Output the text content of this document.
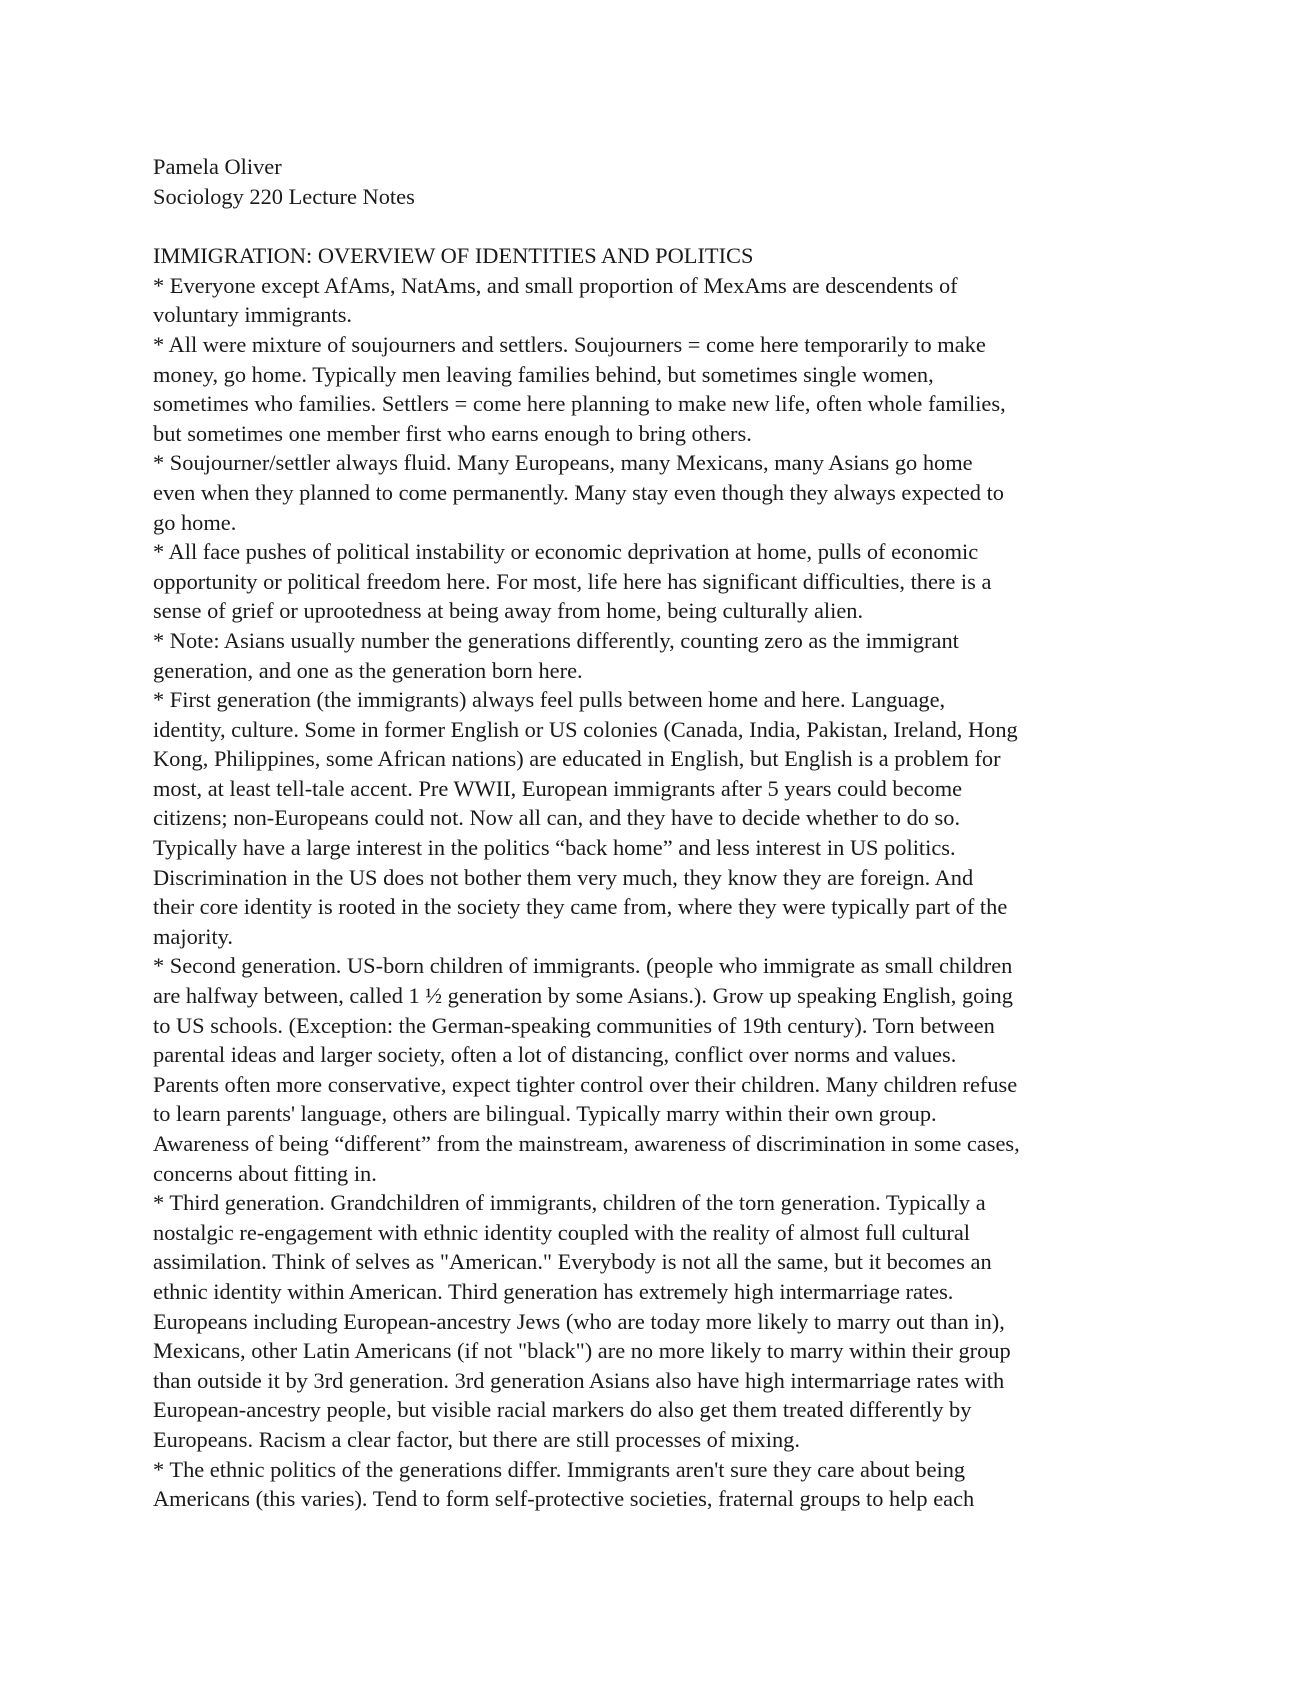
Pamela Oliver
Sociology 220 Lecture Notes
IMMIGRATION: OVERVIEW OF IDENTITIES AND POLITICS
* Everyone except AfAms, NatAms, and small proportion of MexAms are descendents of
voluntary immigrants.
* All were mixture of soujourners and settlers. Soujourners = come here temporarily to make
money, go home. Typically men leaving families behind, but sometimes single women,
sometimes who families. Settlers = come here planning to make new life, often whole families,
but sometimes one member first who earns enough to bring others.
* Soujourner/settler always fluid. Many Europeans, many Mexicans, many Asians go home
even when they planned to come permanently. Many stay even though they always expected to
go home.
* All face pushes of political instability or economic deprivation at home, pulls of economic
opportunity or political freedom here. For most, life here has significant difficulties, there is a
sense of grief or uprootedness at being away from home, being culturally alien.
* Note: Asians usually number the generations differently, counting zero as the immigrant
generation, and one as the generation born here.
* First generation (the immigrants) always feel pulls between home and here. Language,
identity, culture. Some in former English or US colonies (Canada, India, Pakistan, Ireland, Hong
Kong, Philippines, some African nations) are educated in English, but English is a problem for
most, at least tell-tale accent. Pre WWII, European immigrants after 5 years could become
citizens; non-Europeans could not. Now all can, and they have to decide whether to do so.
Typically have a large interest in the politics “back home” and less interest in US politics.
Discrimination in the US does not bother them very much, they know they are foreign. And
their core identity is rooted in the society they came from, where they were typically part of the
majority.
* Second generation. US-born children of immigrants. (people who immigrate as small children
are halfway between, called 1 ½ generation by some Asians.). Grow up speaking English, going
to US schools. (Exception: the German-speaking communities of 19th century). Torn between
parental ideas and larger society, often a lot of distancing, conflict over norms and values.
Parents often more conservative, expect tighter control over their children. Many children refuse
to learn parents' language, others are bilingual. Typically marry within their own group.
Awareness of being “different” from the mainstream, awareness of discrimination in some cases,
concerns about fitting in.
* Third generation. Grandchildren of immigrants, children of the torn generation. Typically a
nostalgic re-engagement with ethnic identity coupled with the reality of almost full cultural
assimilation. Think of selves as "American." Everybody is not all the same, but it becomes an
ethnic identity within American. Third generation has extremely high intermarriage rates.
Europeans including European-ancestry Jews (who are today more likely to marry out than in),
Mexicans, other Latin Americans (if not "black") are no more likely to marry within their group
than outside it by 3rd generation. 3rd generation Asians also have high intermarriage rates with
European-ancestry people, but visible racial markers do also get them treated differently by
Europeans. Racism a clear factor, but there are still processes of mixing.
* The ethnic politics of the generations differ. Immigrants aren't sure they care about being
Americans (this varies). Tend to form self-protective societies, fraternal groups to help each
